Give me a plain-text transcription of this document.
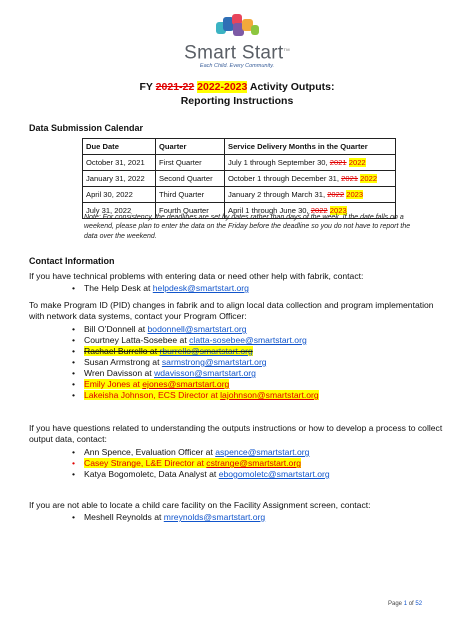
Smart Start™
Each Child. Every Community.
FY 2021-22 2022-2023 Activity Outputs:
Reporting Instructions
Data Submission Calendar
Due Date	Quarter	Service Delivery Months in the Quarter
October 31, 2021	First Quarter	July 1 through September 30, 2021 2022
January 31, 2022	Second Quarter	October 1 through December 31, 2021 2022
April 30, 2022	Third Quarter	January 2 through March 31, 2022 2023
July 31, 2022	Fourth Quarter	April 1 through June 30, 2022 2023
Note: For consistency, the deadlines are set by dates rather than days of the week. If the date falls on a weekend, please plan to enter the data on the Friday before the deadline so you do not have to report the data over the weekend.
Contact Information
If you have technical problems with entering data or need other help with fabrik, contact:
• The Help Desk at helpdesk@smartstart.org
To make Program ID (PID) changes in fabrik and to align local data collection and program implementation with network data systems, contact your Program Officer:
• Bill O’Donnell at bodonnell@smartstart.org
• Courtney Latta-Sosebee at clatta-sosebee@smartstart.org
• Rachael Burrello at rburrello@smartstart.org
• Susan Armstrong at sarmstrong@smartstart.org
• Wren Davisson at wdavisson@smartstart.org
• Emily Jones at ejones@smartstart.org
• Lakeisha Johnson, ECS Director at lajohnson@smartstart.org
If you have questions related to understanding the outputs instructions or how to develop a process to collect output data, contact:
• Ann Spence, Evaluation Officer at aspence@smartstart.org
• Casey Strange, L&E Director at cstrange@smartstart.org
• Katya Bogomoletc, Data Analyst at ebogomoletc@smartstart.org
If you are not able to locate a child care facility on the Facility Assignment screen, contact:
• Meshell Reynolds at mreynolds@smartstart.org
Page 1 of 52
